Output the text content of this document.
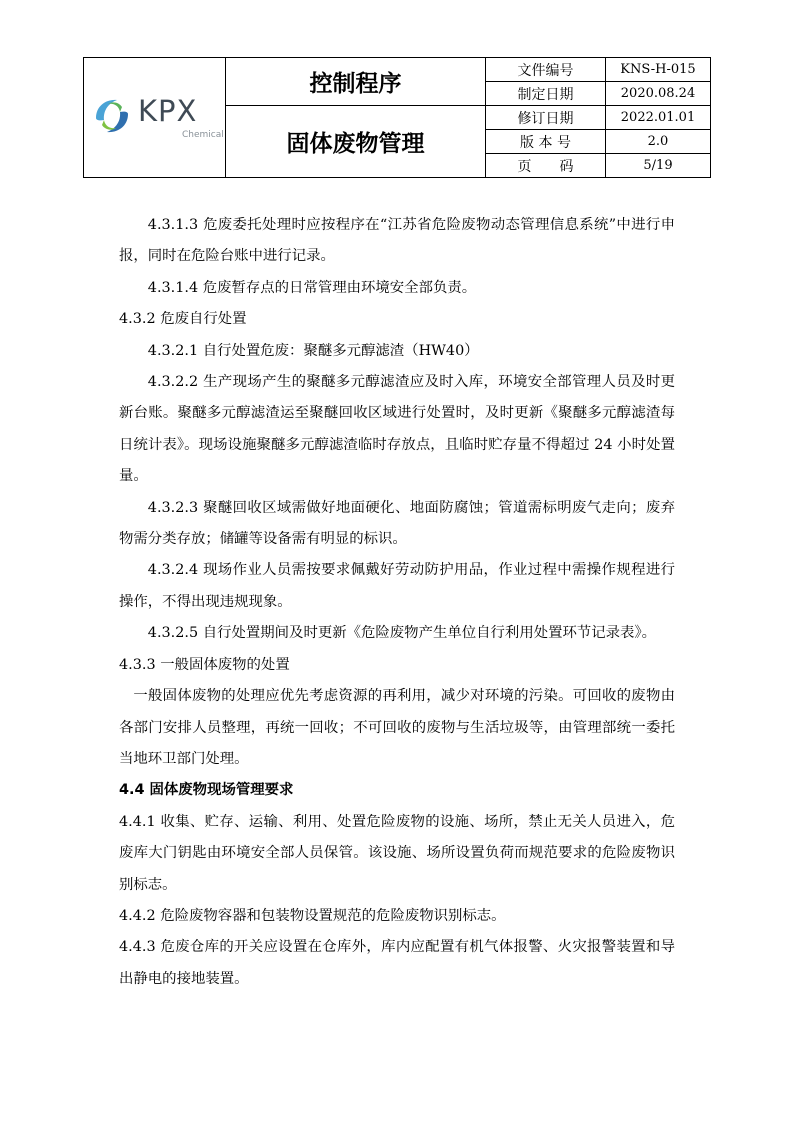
KPX
Chemical	控制程序	文件编号	KNS-H-015
		制定日期	2020.08.24
	固体废物管理	修订日期	2022.01.01
		版 本 号	2.0
		页　　码	5/19

4.3.1.3 危废委托处理时应按程序在“江苏省危险废物动态管理信息系统”中进行申报，同时在危险台账中进行记录。

4.3.1.4 危废暂存点的日常管理由环境安全部负责。

4.3.2 危废自行处置

4.3.2.1 自行处置危废：聚醚多元醇滤渣（HW40）

4.3.2.2 生产现场产生的聚醚多元醇滤渣应及时入库，环境安全部管理人员及时更新台账。聚醚多元醇滤渣运至聚醚回收区域进行处置时，及时更新《聚醚多元醇滤渣每日统计表》。现场设施聚醚多元醇滤渣临时存放点，且临时贮存量不得超过 24 小时处置量。

4.3.2.3 聚醚回收区域需做好地面硬化、地面防腐蚀；管道需标明废气走向；废弃物需分类存放；储罐等设备需有明显的标识。

4.3.2.4 现场作业人员需按要求佩戴好劳动防护用品，作业过程中需操作规程进行操作，不得出现违规现象。

4.3.2.5 自行处置期间及时更新《危险废物产生单位自行利用处置环节记录表》。

4.3.3 一般固体废物的处置

一般固体废物的处理应优先考虑资源的再利用，减少对环境的污染。可回收的废物由各部门安排人员整理，再统一回收；不可回收的废物与生活垃圾等，由管理部统一委托当地环卫部门处理。

4.4 固体废物现场管理要求

4.4.1 收集、贮存、运输、利用、处置危险废物的设施、场所，禁止无关人员进入，危废库大门钥匙由环境安全部人员保管。该设施、场所设置负荷而规范要求的危险废物识别标志。

4.4.2 危险废物容器和包装物设置规范的危险废物识别标志。

4.4.3 危废仓库的开关应设置在仓库外，库内应配置有机气体报警、火灾报警装置和导出静电的接地装置。
